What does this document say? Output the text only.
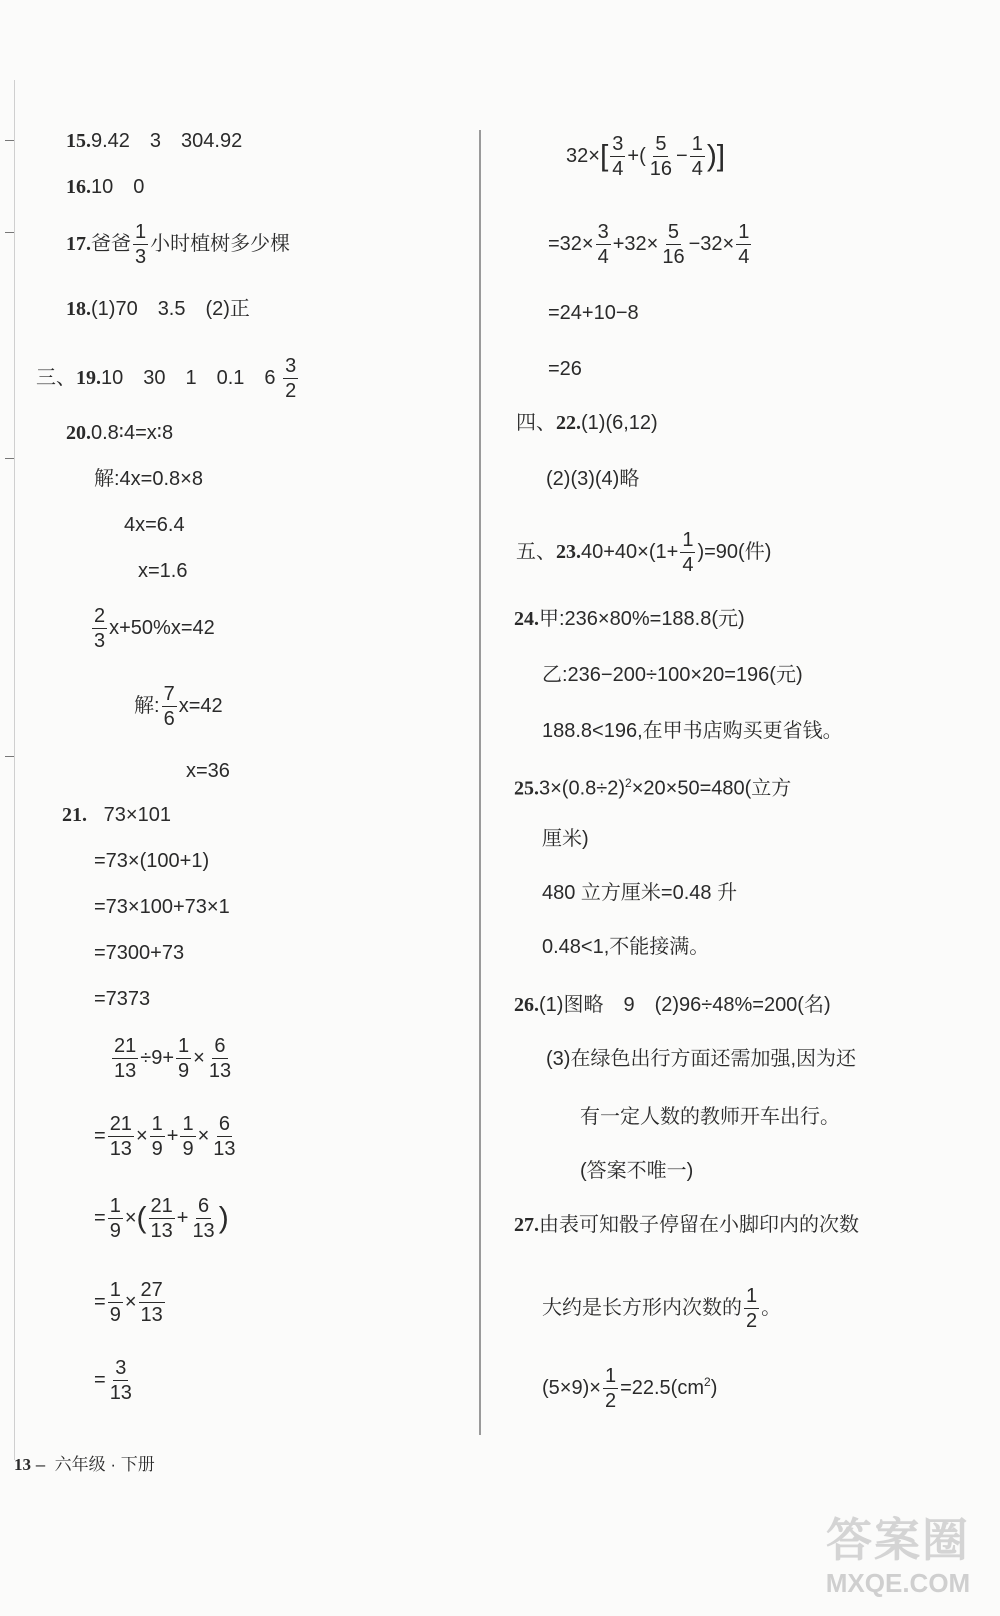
15.9.42　3　304.92
16.10　0
17.爸爸 $\frac{1}{3}$ 小时植树多少棵
18.(1)70　3.5　(2)正
三、19.10　30　1　0.1　$6 \frac{3}{2}$
20.0.8∶4=x∶8
解:4x=0.8×8
4x=6.4
x=1.6
$\frac{2}{3} x+50\%x=42$
解: $\frac{7}{6} x=42$
x=36
21. 73×101
=73×(100+1)
=73×100+73×1
=7300+73
=7373
$\frac{21}{13} \div 9+ \frac{1}{9} \times \frac{6}{13}$
= $\frac{21}{13} \times \frac{1}{9} + \frac{1}{9} \times \frac{6}{13}$
= $\frac{1}{9}$ ×( $\frac{21}{13} + \frac{6}{13}$ )
= $\frac{1}{9} \times \frac{27}{13}$
= $\frac{3}{13}$
$32\times[ \frac{3}{4}$ +( $\frac{5}{16} - \frac{1}{4}$ )]
$=32\times \frac{3}{4} +32\times \frac{5}{16} -32\times \frac{1}{4}$
=24+10−8
=26
四、22.(1)(6,12)
(2)(3)(4)略
五、$23.40+40\times(1+ \frac{1}{4} )=90$(件)
24.甲:236×80%=188.8(元)
乙:236−200÷100×20=196(元)
188.8<196,在甲书店购买更省钱。
$25.3\times(0.8\div 2)^2\times 20\times 50=480$(立方
厘米)
480 立方厘米=0.48 升
0.48<1,不能接满。
26.(1)图略　9　(2)96÷48%=200(名)
(3)在绿色出行方面还需加强,因为还
有一定人数的教师开车出行。
(答案不唯一)
27.由表可知骰子停留在小脚印内的次数
大约是长方形内次数的 $\frac{1}{2}$ 。
$(5\times 9)\times \frac{1}{2} =22.5(cm^2)$
13 – 六年级 · 下册
答案圈
MXQE.COM
